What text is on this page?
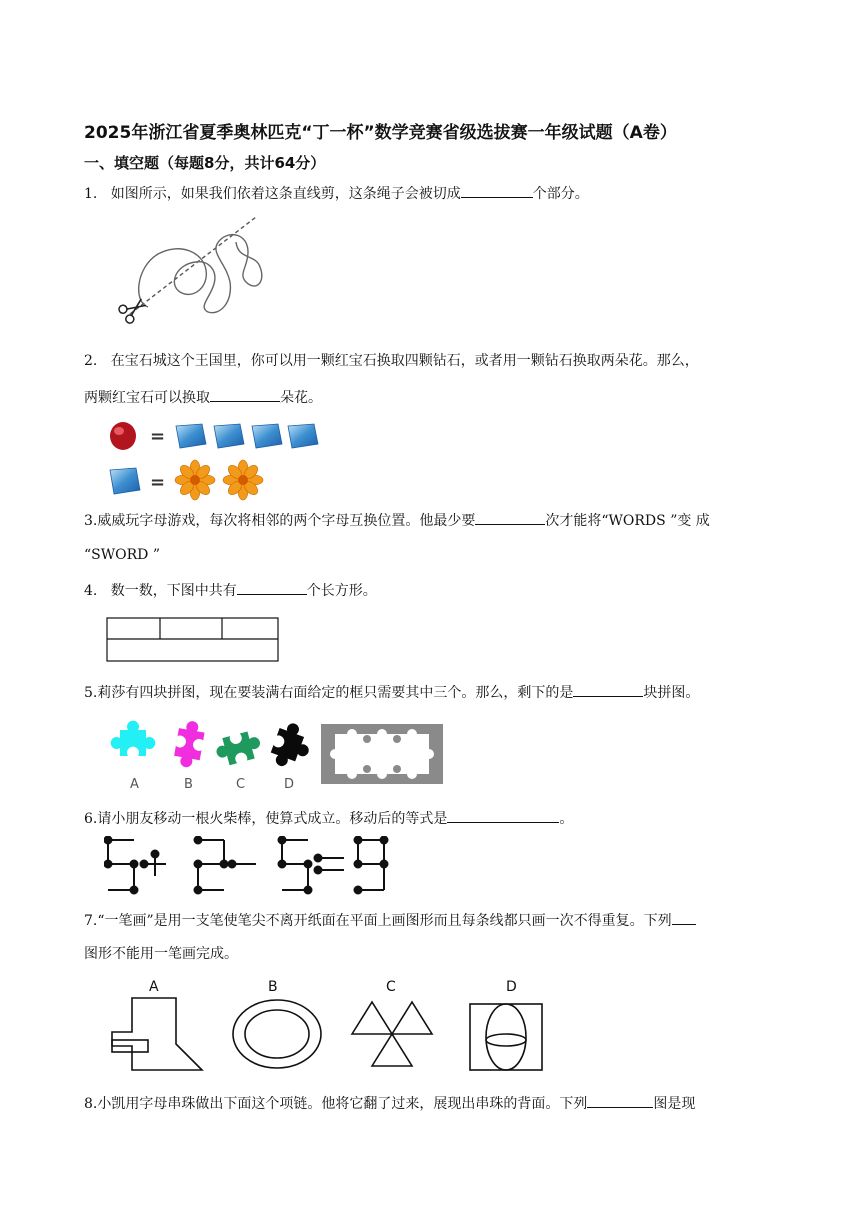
2025年浙江省夏季奥林匹克“丁一杯”数学竞赛省级选拔赛一年级试题（A卷）
一、填空题（每题8分，共计64分）
1. 如图所示，如果我们依着这条直线剪，这条绳子会被切成	个部分。
2. 在宝石城这个王国里，你可以用一颗红宝石换取四颗钻石，或者用一颗钻石换取两朵花。那么，
两颗红宝石可以换取	朵花。
=
=
3.威威玩字母游戏，每次将相邻的两个字母互换位置。他最少要	次才能将“WORDS ”变 成
“SWORD ”
4. 数一数，下图中共有	个长方形。
5.莉莎有四块拼图，现在要装满右面给定的框只需要其中三个。那么，剩下的是	块拼图。
A	B	C	D
6.请小朋友移动一根火柴棒，使算式成立。移动后的等式是	。
7.“一笔画”是用一支笔使笔尖不离开纸面在平面上画图形而且每条线都只画一次不得重复。下列
图形不能用一笔画完成。
A	B	C	D
8.小凯用字母串珠做出下面这个项链。他将它翻了过来，展现出串珠的背面。下列	图是现
